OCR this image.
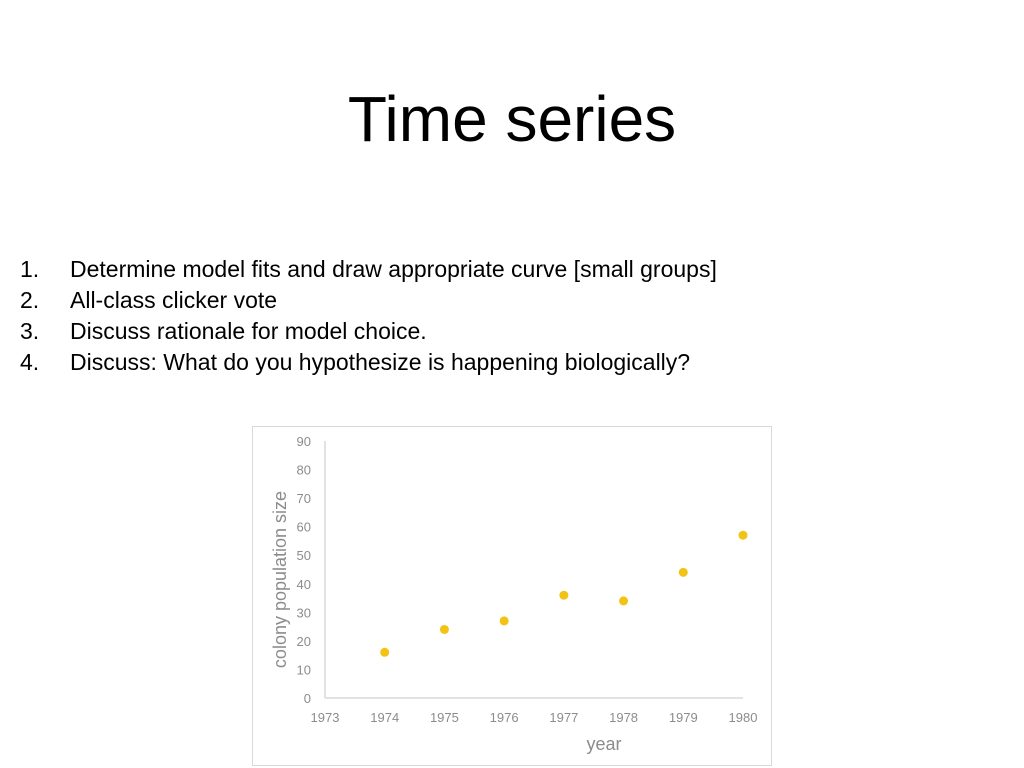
Time series
1.	Determine model fits and draw appropriate curve [small groups]
2.	All-class clicker vote
3.	Discuss rationale for model choice.
4.	Discuss: What do you hypothesize is happening biologically?
0
10
20
30
40
50
60
70
80
90
1973 1974 1975 1976 1977 1978 1979 1980
year
colony population size
